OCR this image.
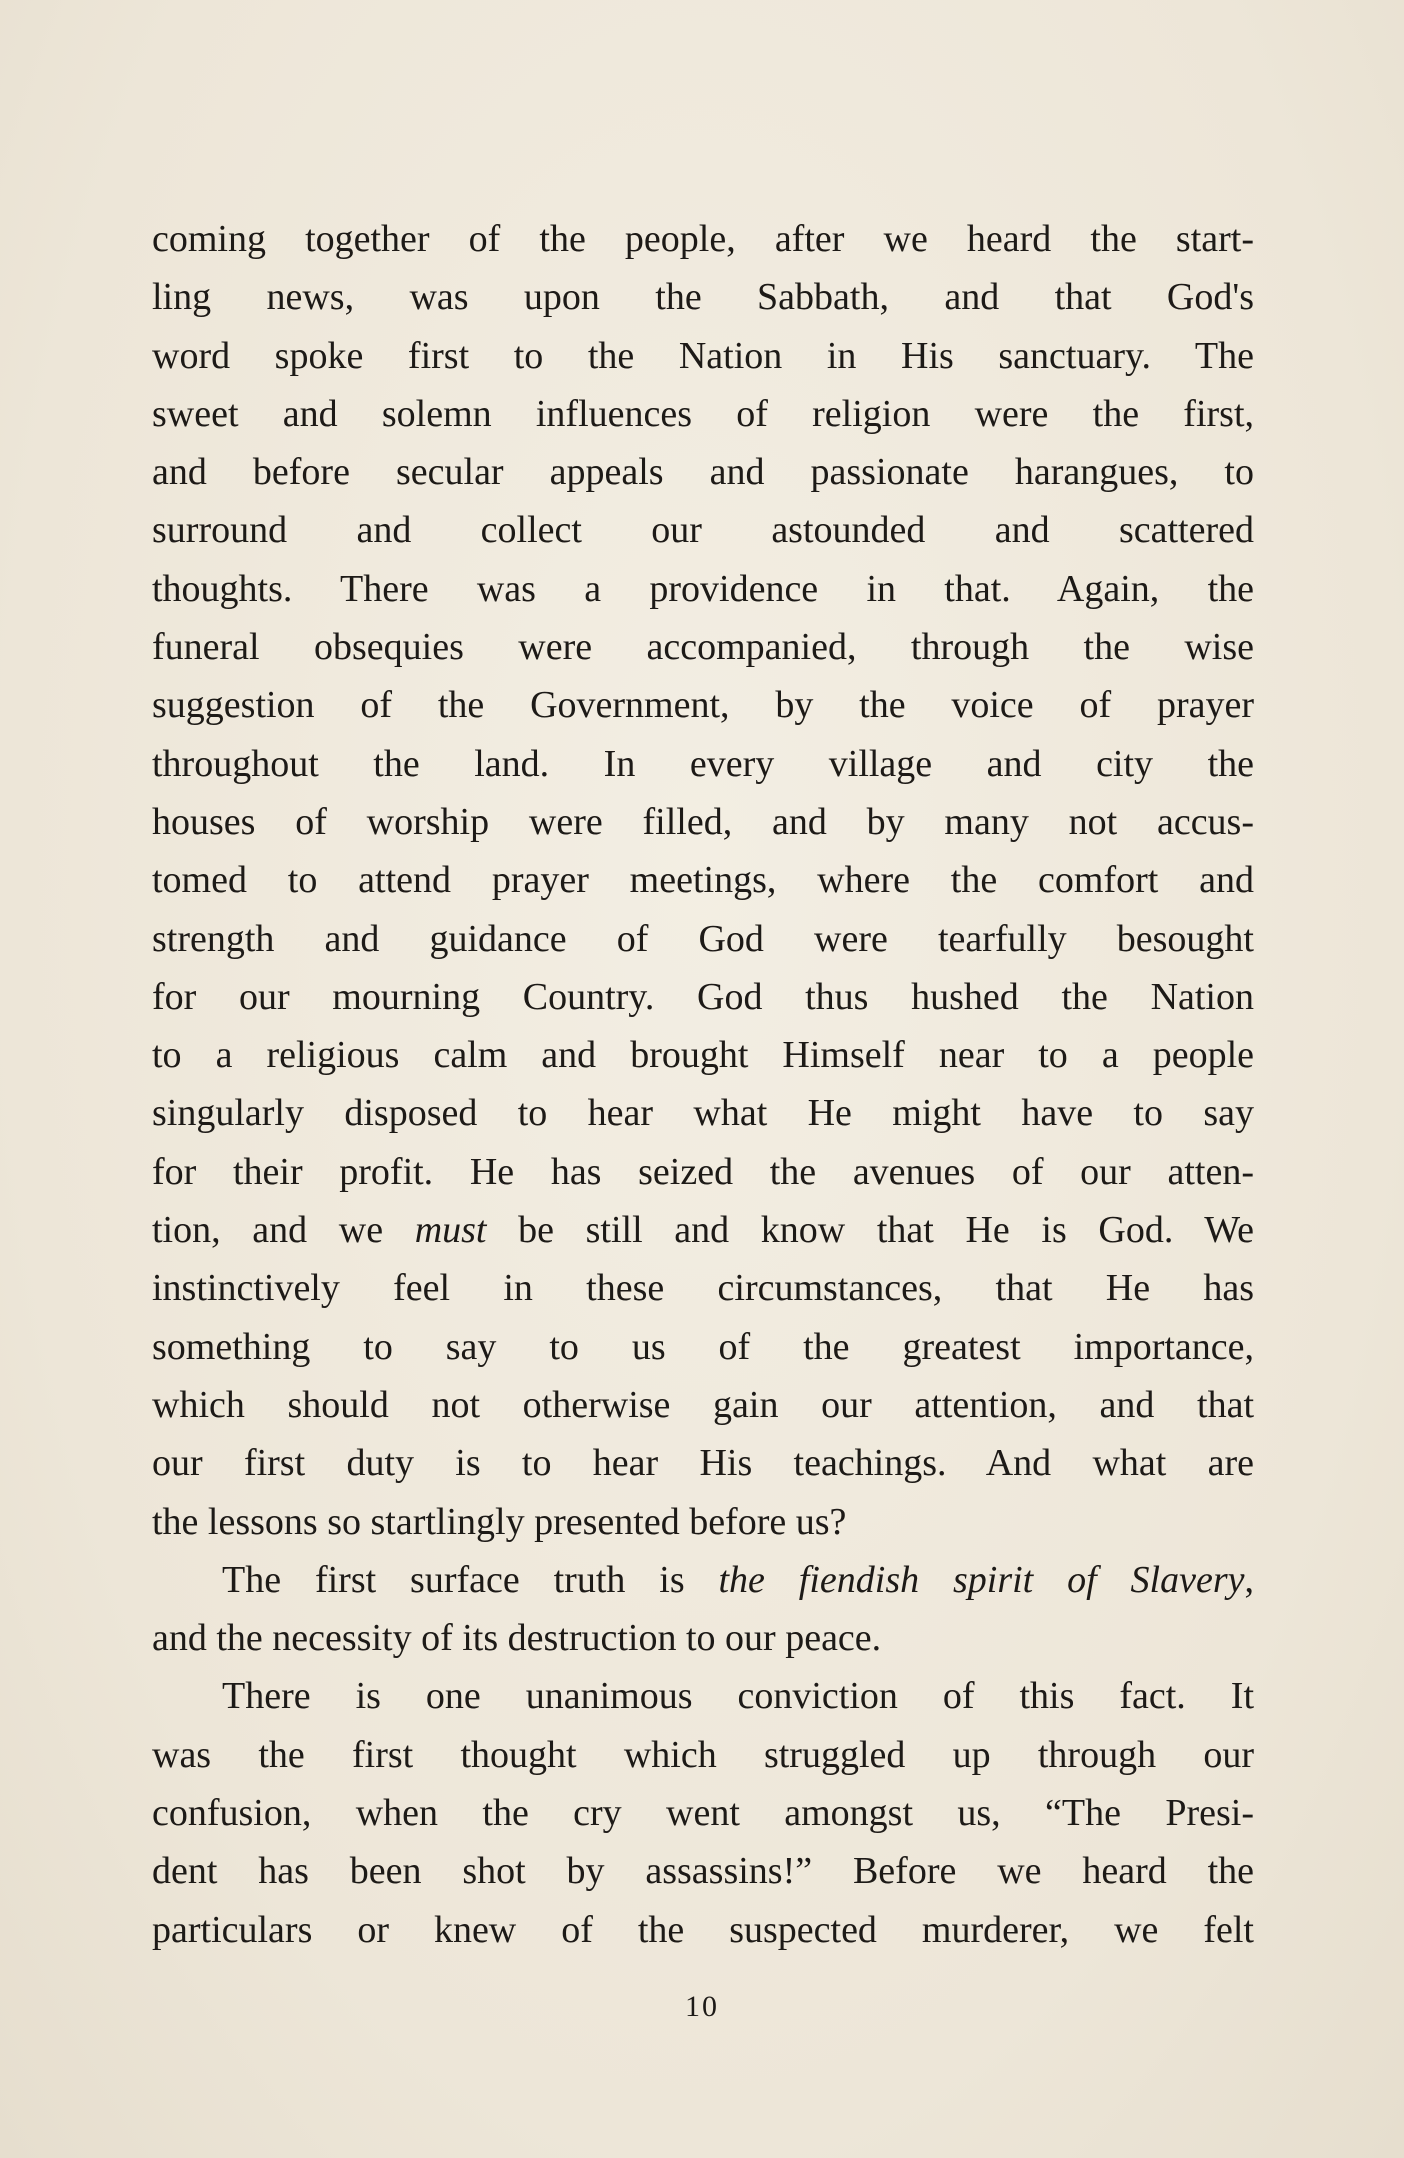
coming together of the people, after we heard the start-
ling news, was upon the Sabbath, and that God's
word spoke first to the Nation in His sanctuary. The
sweet and solemn influences of religion were the first,
and before secular appeals and passionate harangues, to
surround and collect our astounded and scattered
thoughts. There was a providence in that. Again, the
funeral obsequies were accompanied, through the wise
suggestion of the Government, by the voice of prayer
throughout the land. In every village and city the
houses of worship were filled, and by many not accus-
tomed to attend prayer meetings, where the comfort and
strength and guidance of God were tearfully besought
for our mourning Country. God thus hushed the Nation
to a religious calm and brought Himself near to a people
singularly disposed to hear what He might have to say
for their profit. He has seized the avenues of our atten-
tion, and we must be still and know that He is God. We
instinctively feel in these circumstances, that He has
something to say to us of the greatest importance,
which should not otherwise gain our attention, and that
our first duty is to hear His teachings. And what are
the lessons so startlingly presented before us?
The first surface truth is the fiendish spirit of Slavery,
and the necessity of its destruction to our peace.
There is one unanimous conviction of this fact. It
was the first thought which struggled up through our
confusion, when the cry went amongst us, “The Presi-
dent has been shot by assassins!” Before we heard the
particulars or knew of the suspected murderer, we felt
10
